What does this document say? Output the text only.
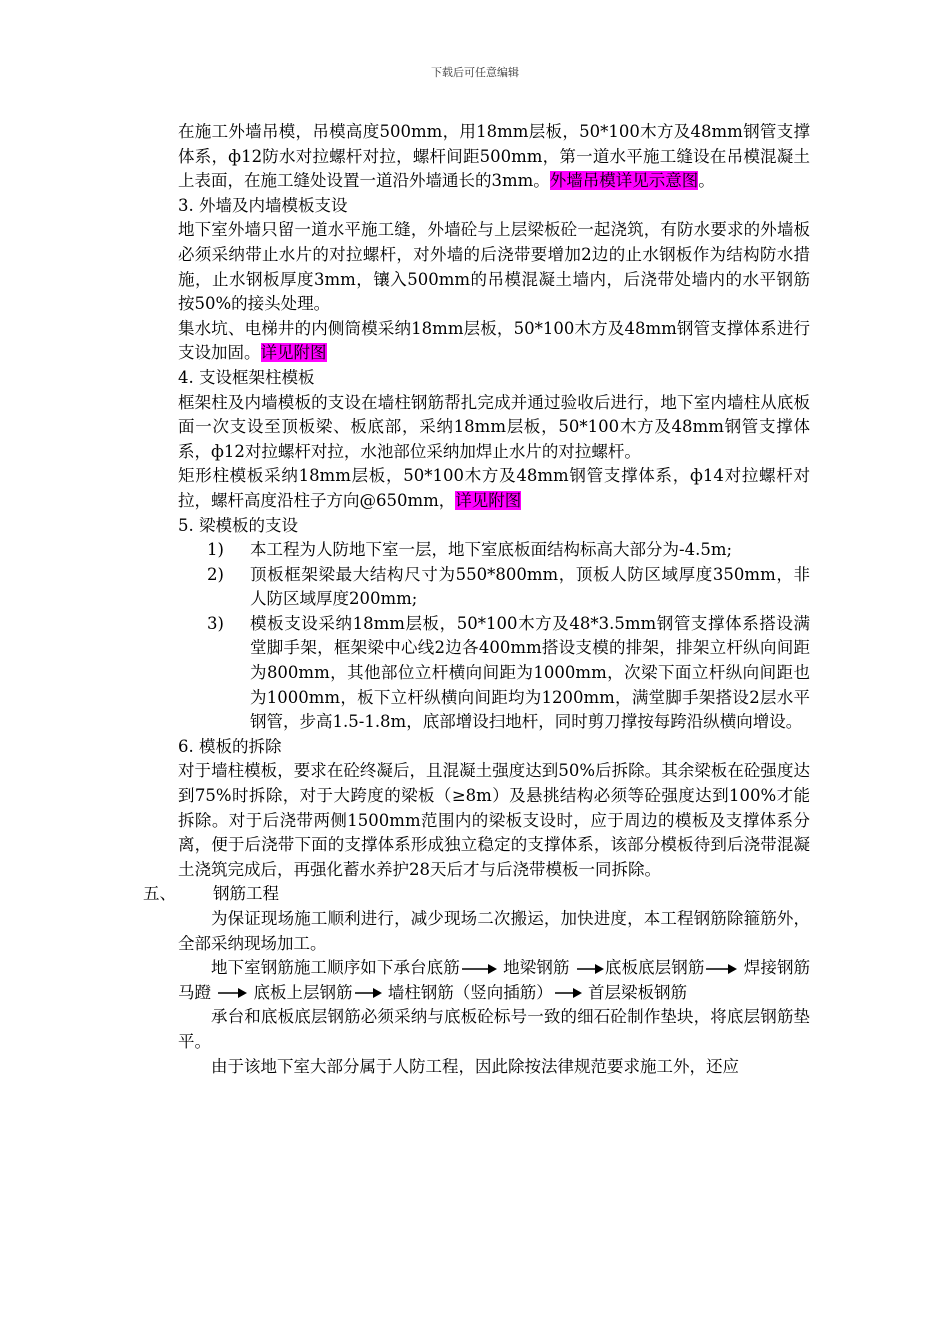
下载后可任意编辑

在施工外墙吊模，吊模高度500mm，用18mm层板，50*100木方及48mm钢管支撑体系，ф12防水对拉螺杆对拉，螺杆间距500mm，第一道水平施工缝设在吊模混凝土上表面，在施工缝处设置一道沿外墙通长的3mm。外墙吊模详见示意图。

3. 外墙及内墙模板支设

地下室外墙只留一道水平施工缝，外墙砼与上层梁板砼一起浇筑，有防水要求的外墙板必须采纳带止水片的对拉螺杆，对外墙的后浇带要增加2边的止水钢板作为结构防水措施，止水钢板厚度3mm，镶入500mm的吊模混凝土墙内，后浇带处墙内的水平钢筋按50%的接头处理。

集水坑、电梯井的内侧筒模采纳18mm层板，50*100木方及48mm钢管支撑体系进行支设加固。详见附图

4. 支设框架柱模板

框架柱及内墙模板的支设在墙柱钢筋帮扎完成并通过验收后进行，地下室内墙柱从底板面一次支设至顶板梁、板底部，采纳18mm层板，50*100木方及48mm钢管支撑体系，ф12对拉螺杆对拉，水池部位采纳加焊止水片的对拉螺杆。

矩形柱模板采纳18mm层板，50*100木方及48mm钢管支撑体系，ф14对拉螺杆对拉，螺杆高度沿柱子方向@650mm，详见附图

5. 梁模板的支设

1)	本工程为人防地下室一层，地下室底板面结构标高大部分为-4.5m;
2)	顶板框架梁最大结构尺寸为550*800mm，顶板人防区域厚度350mm，非人防区域厚度200mm;
3)	模板支设采纳18mm层板，50*100木方及48*3.5mm钢管支撑体系搭设满堂脚手架，框架梁中心线2边各400mm搭设支模的排架，排架立杆纵向间距为800mm，其他部位立杆横向间距为1000mm，次梁下面立杆纵向间距也为1000mm，板下立杆纵横向间距均为1200mm，满堂脚手架搭设2层水平钢管，步高1.5-1.8m，底部增设扫地杆，同时剪刀撑按每跨沿纵横向增设。

6. 模板的拆除

对于墙柱模板，要求在砼终凝后，且混凝土强度达到50%后拆除。其余梁板在砼强度达到75%时拆除，对于大跨度的梁板（≥8m）及悬挑结构必须等砼强度达到100%才能拆除。对于后浇带两侧1500mm范围内的梁板支设时，应于周边的模板及支撑体系分离，便于后浇带下面的支撑体系形成独立稳定的支撑体系，该部分模板待到后浇带混凝土浇筑完成后，再强化蓄水养护28天后才与后浇带模板一同拆除。

五、	钢筋工程

为保证现场施工顺利进行，减少现场二次搬运，加快进度，本工程钢筋除箍筋外，全部采纳现场加工。

地下室钢筋施工顺序如下承台底筋	地梁钢筋 底板底层钢筋 焊接钢筋马蹬	底板上层钢筋 墙柱钢筋（竖向插筋） 首层梁板钢筋

承台和底板底层钢筋必须采纳与底板砼标号一致的细石砼制作垫块，将底层钢筋垫平。

由于该地下室大部分属于人防工程，因此除按法律规范要求施工外，还应
